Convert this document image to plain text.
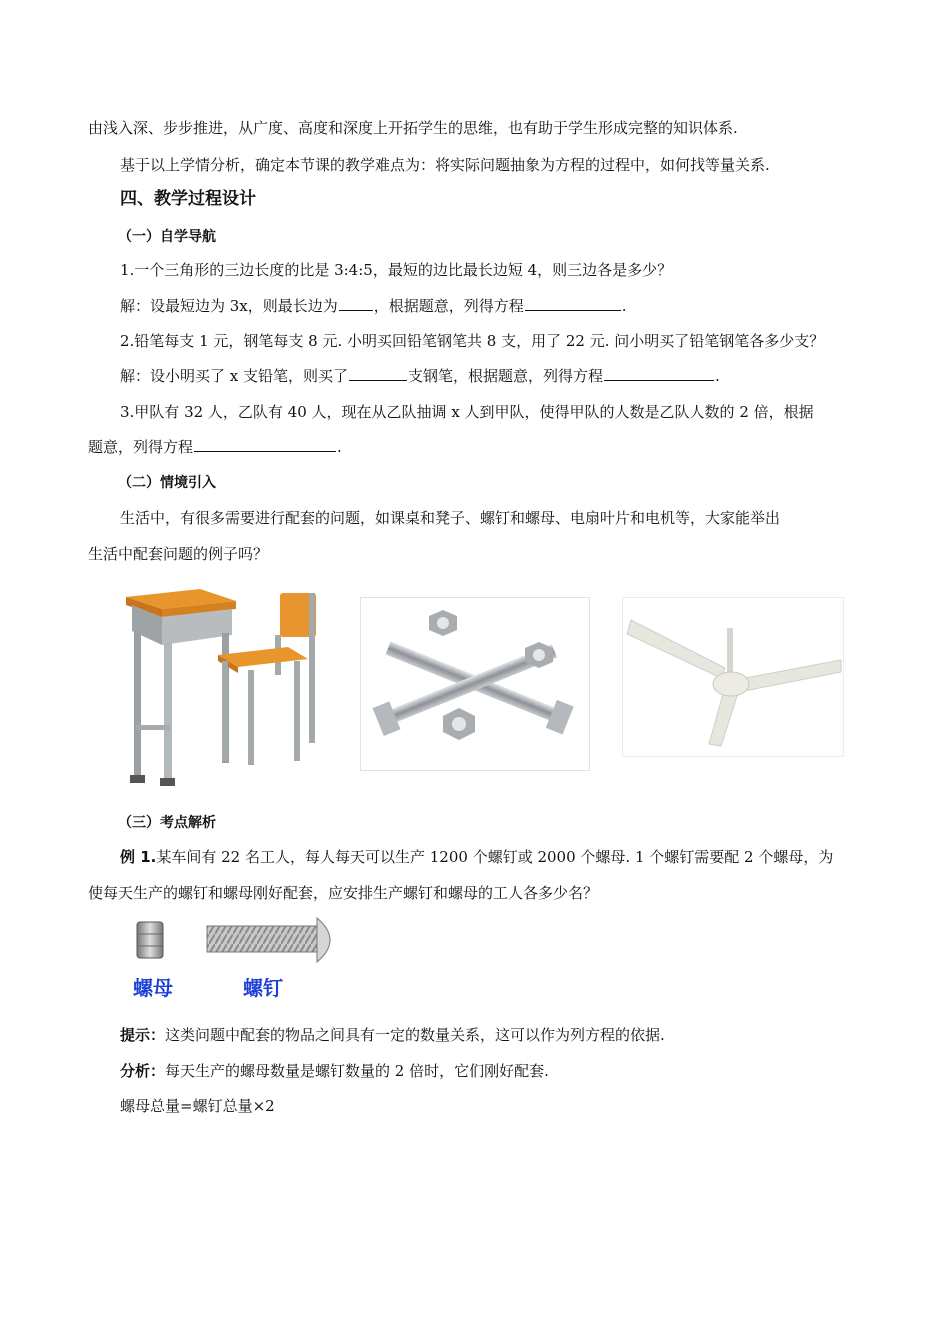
由浅入深、步步推进，从广度、高度和深度上开拓学生的思维，也有助于学生形成完整的知识体系.
基于以上学情分析，确定本节课的教学难点为：将实际问题抽象为方程的过程中，如何找等量关系.
四、教学过程设计
（一）自学导航
1.一个三角形的三边长度的比是 3:4:5，最短的边比最长边短 4，则三边各是多少？
解：设最短边为 3x，则最长边为 ，根据题意，列得方程	.
2.铅笔每支 1 元，钢笔每支 8 元. 小明买回铅笔钢笔共 8 支，用了 22 元. 问小明买了铅笔钢笔各多少支？
解：设小明买了 x 支铅笔，则买了	支钢笔，根据题意，列得方程	.
3.甲队有 32 人，乙队有 40 人，现在从乙队抽调 x 人到甲队，使得甲队的人数是乙队人数的 2 倍，根据
题意，列得方程	.
（二）情境引入
生活中，有很多需要进行配套的问题，如课桌和凳子、螺钉和螺母、电扇叶片和电机等，大家能举出
生活中配套问题的例子吗？
（三）考点解析
例 1.某车间有 22 名工人，每人每天可以生产 1200 个螺钉或 2000 个螺母. 1 个螺钉需要配 2 个螺母，为
使每天生产的螺钉和螺母刚好配套，应安排生产螺钉和螺母的工人各多少名？
螺母	螺钉
提示：这类问题中配套的物品之间具有一定的数量关系，这可以作为列方程的依据.
分析：每天生产的螺母数量是螺钉数量的 2 倍时，它们刚好配套.
螺母总量=螺钉总量×2
